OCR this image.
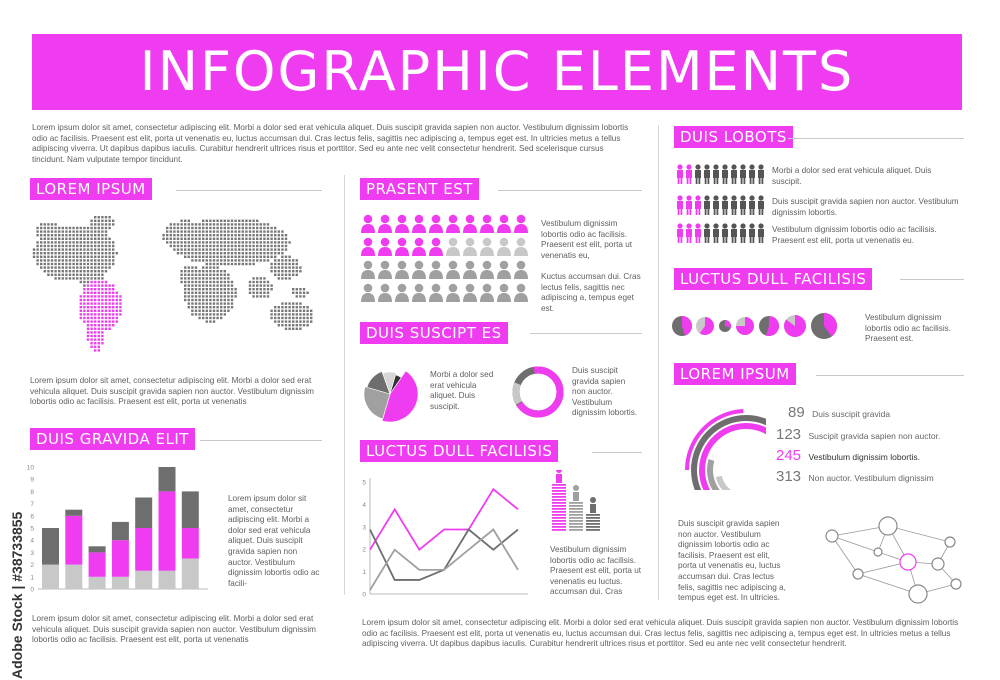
INFOGRAPHIC ELEMENTS
Lorem ipsum dolor sit amet, consectetur adipiscing elit. Morbi a dolor sed erat vehicula aliquet. Duis suscipit gravida sapien non auctor. Vestibulum dignissim lobortis odio ac facilisis. Praesent est elit, porta ut venenatis eu, luctus accumsan dui. Cras lectus felis, sagittis nec adipiscing a, tempus eget est. In ultricies metus a tellus adipiscing viverra. Ut dapibus dapibus iaculis. Curabitur hendrerit ultrices risus et porttitor. Sed eu ante nec velit consectetur hendrerit. Sed scelerisque cursus tincidunt. Nam vulputate tempor tincidunt.
Adobe Stock | #38733855
LOREM IPSUM
Lorem ipsum dolor sit amet, consectetur adipiscing elit. Morbi a dolor sed erat vehicula aliquet. Duis suscipit gravida sapien non auctor. Vestibulum dignissim lobortis odio ac facilisis. Praesent est elit, porta ut venenatis
DUIS GRAVIDA ELIT
0
1
2
3
4
5
6
7
8
9
10
Lorem ipsum dolor sit amet, consectetur adipiscing elit. Morbi a dolor sed erat vehicula aliquet. Duis suscipit gravida sapien non auctor. Vestibulum dignissim lobortis odio ac facili-
Lorem ipsum dolor sit amet, consectetur adipiscing elit. Morbi a dolor sed erat vehicula aliquet. Duis suscipit gravida sapien non auctor. Vestibulum dignissim lobortis odio ac facilisis. Praesent est elit, porta ut venenatis
PRASENT EST
Vestibulum dignissim lobortis odio ac facilisis. Praesent est elit, porta ut venenatis eu,
Kuctus accumsan dui. Cras lectus felis, sagittis nec adipiscing a, tempus eget est.
DUIS SUSCIPT ES
Morbi a dolor sed erat vehicula aliquet. Duis suscipit.
Duis suscipit gravida sapien non auctor. Vestibulum dignissim lobortis.
LUCTUS DULL FACILISIS
0
1
2
3
4
5
Vestibulum dignissim lobortis odio ac facilisis. Praesent est elit, porta ut venenatis eu luctus. accumsan dui. Cras
Lorem ipsum dolor sit amet, consectetur adipiscing elit. Morbi a dolor sed erat vehicula aliquet. Duis suscipit gravida sapien non auctor. Vestibulum dignissim lobortis odio ac facilisis. Praesent est elit, porta ut venenatis eu, luctus accumsan dui. Cras lectus felis, sagittis nec adipiscing a, tempus eget est. In ultricies metus a tellus adipiscing viverra. Ut dapibus dapibus iaculis. Curabitur hendrerit ultrices risus et porttitor. Sed eu ante nec velit consectetur hendrerit.
DUIS LOBOTS
Morbi a dolor sed erat vehicula aliquet. Duis suscipit.
Duis suscipit gravida sapien non auctor. Vestibulum dignissim lobortis.
Vestibulum dignissim lobortis odio ac facilisis. Praesent est elit, porta ut venenatis eu.
LUCTUS DULL FACILISIS
Vestibulum dignissim lobortis odio ac facilisis. Praesent est.
LOREM IPSUM
89 Duis suscipit gravida
123 Suscipit gravida sapien non auctor.
245 Vestibulum dignissim lobortis.
313 Non auctor. Vestibulum dignissim
Duis suscipit gravida sapien non auctor. Vestibulum dignissim lobortis odio ac facilisis. Praesent est elit, porta ut venenatis eu, luctus accumsan dui. Cras lectus felis, sagittis nec adipiscing a, tempus eget est. In ultricies.
